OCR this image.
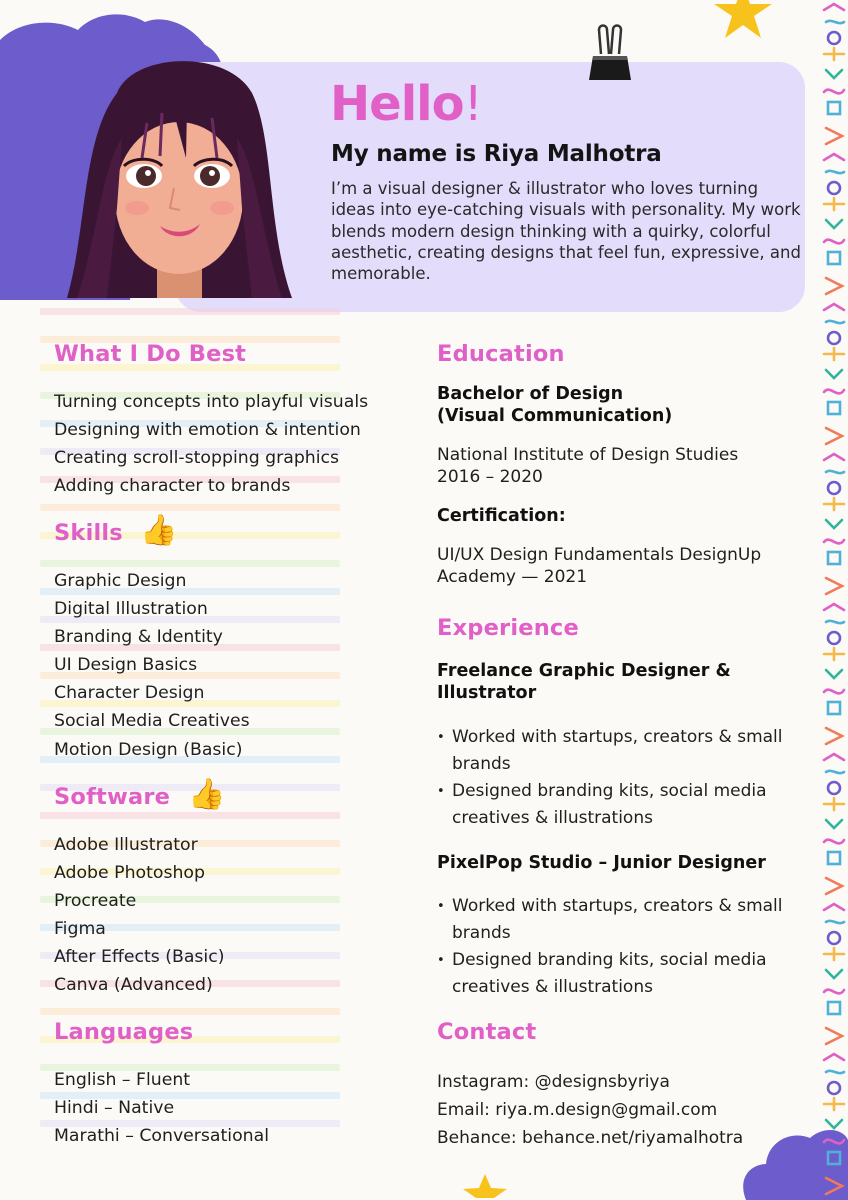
Hello!
My name is Riya Malhotra
I’m a visual designer & illustrator who loves turning ideas into eye-catching visuals with personality. My work blends modern design thinking with a quirky, colorful aesthetic, creating designs that feel fun, expressive, and memorable.
What I Do Best
Turning concepts into playful visuals
Designing with emotion & intention
Creating scroll-stopping graphics
Adding character to brands
Skills 👍
Graphic Design
Digital Illustration
Branding & Identity
UI Design Basics
Character Design
Social Media Creatives
Motion Design (Basic)
Software 👍
Adobe Illustrator
Adobe Photoshop
Procreate
Figma
After Effects (Basic)
Canva (Advanced)
Languages
English – Fluent
Hindi – Native
Marathi – Conversational
Education
Bachelor of Design
(Visual Communication)
National Institute of Design Studies
2016 – 2020
Certification:
UI/UX Design Fundamentals DesignUp
Academy — 2021
Experience
Freelance Graphic Designer &
Illustrator
• Worked with startups, creators & small
brands
• Designed branding kits, social media
creatives & illustrations
PixelPop Studio – Junior Designer
• Worked with startups, creators & small
brands
• Designed branding kits, social media
creatives & illustrations
Contact
Instagram: @designsbyriya
Email: riya.m.design@gmail.com
Behance: behance.net/riyamalhotra
